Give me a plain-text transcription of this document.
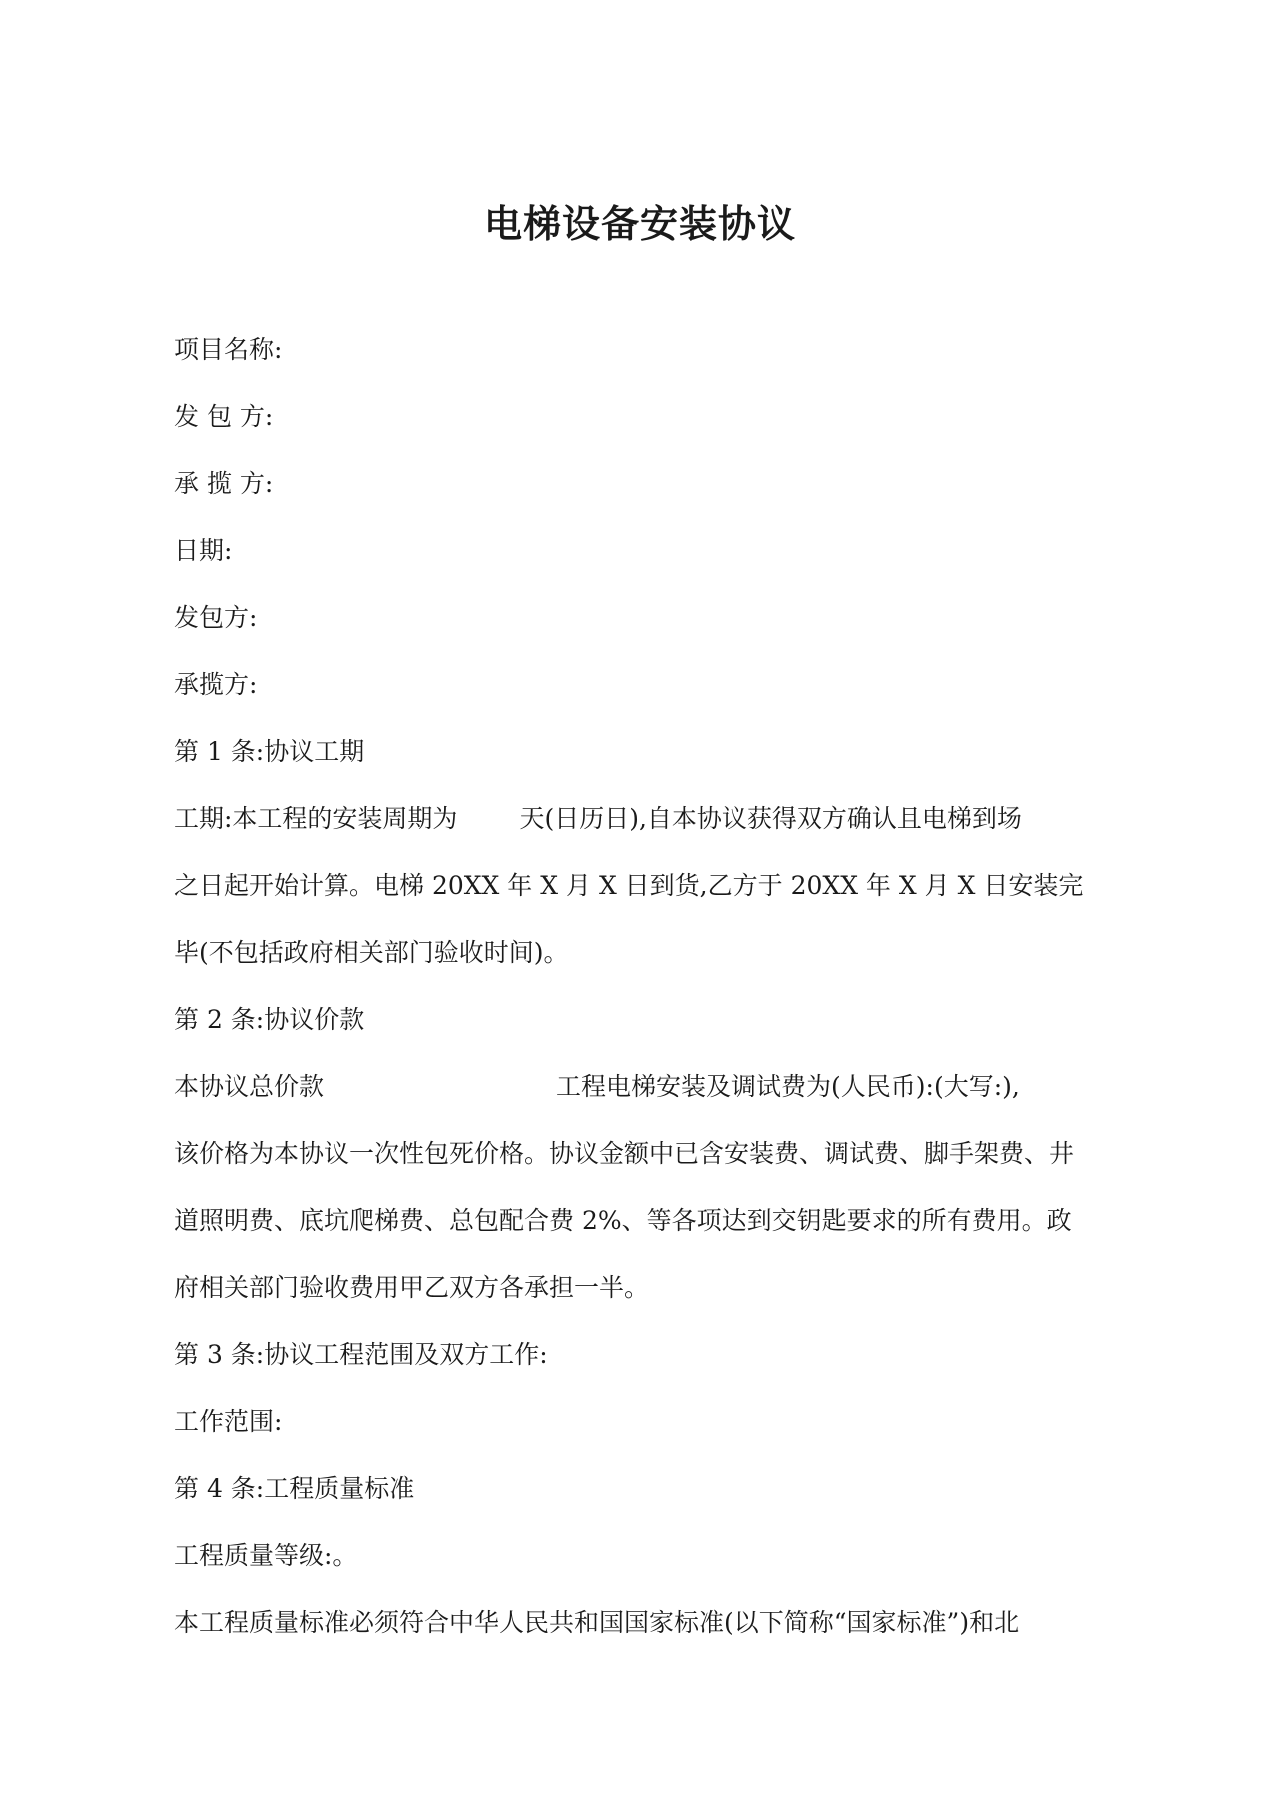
电梯设备安装协议
项目名称:
发 包 方:
承 揽 方:
日期:
发包方:
承揽方:
第 1 条:协议工期
工期:本工程的安装周期为 天(日历日),自本协议获得双方确认且电梯到场
之日起开始计算。电梯 20XX 年 X 月 X 日到货,乙方于 20XX 年 X 月 X 日安装完
毕(不包括政府相关部门验收时间)。
第 2 条:协议价款
本协议总价款	工程电梯安装及调试费为(人民币):(大写:),
该价格为本协议一次性包死价格。协议金额中已含安装费、调试费、脚手架费、井
道照明费、底坑爬梯费、总包配合费 2%、等各项达到交钥匙要求的所有费用。政
府相关部门验收费用甲乙双方各承担一半。
第 3 条:协议工程范围及双方工作:
工作范围:
第 4 条:工程质量标准
工程质量等级:。
本工程质量标准必须符合中华人民共和国国家标准(以下简称“国家标准”)和北
